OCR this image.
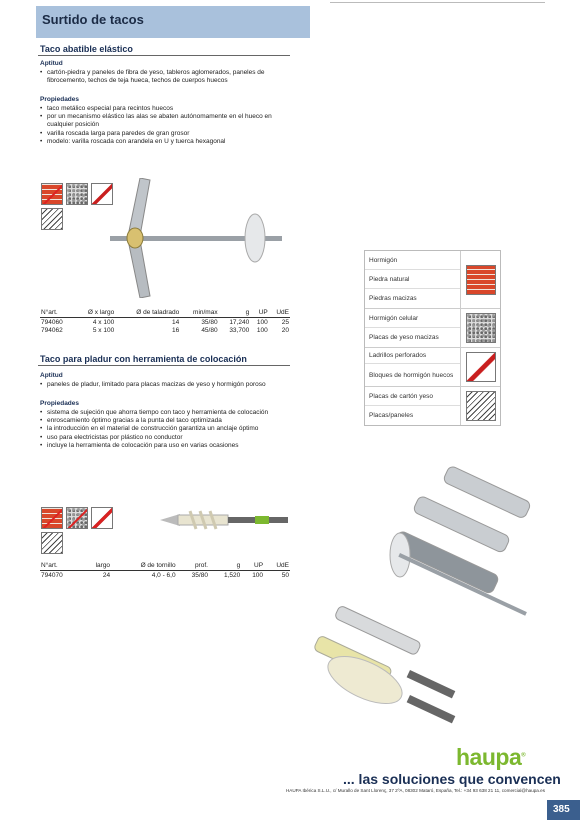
Surtido de tacos
Taco abatible elástico
Aptitud
• cartón-piedra y paneles de fibra de yeso, tableros aglomerados, paneles de fibrocemento, techos de teja hueca, techos de cuerpos huecos
Propiedades
• taco metálico especial para recintos huecos
• por un mecanismo elástico las alas se abaten autónomamente en el hueco en cualquier posición
• varilla roscada larga para paredes de gran grosor
• modelo: varilla roscada con arandela en U y tuerca hexagonal
N°art.	Ø x largo	Ø de taladrado	min/max	g	UP	UdE
794060	4 x 100	14	35/80	17,240	100	25
794062	5 x 100	16	45/80	33,700	100	20
Taco para pladur con herramienta de colocación
Aptitud
• paneles de pladur, limitado para placas macizas de yeso y hormigón poroso
Propiedades
• sistema de sujeción que ahorra tiempo con taco y herramienta de colocación
• enroscamiento óptimo gracias a la punta del taco optimizada
• la introducción en el material de construcción garantiza un anclaje óptimo
• uso para electricistas por plástico no conductor
• incluye la herramienta de colocación para uso en varias ocasiones
N°art.	largo	Ø de tornillo	prof.	g	UP	UdE
794070	24	4,0 - 6,0	35/80	1,520	100	50
Hormigón
Piedra natural
Piedras macizas
Hormigón celular
Placas de yeso macizas
Ladrillos perforados
Bloques de hormigón huecos
Placas de cartón yeso
Placas/paneles
haupa®
... las soluciones que convencen
HAUPA Ibérica S.L.U., c/ Murallo de Sant Llorenç, 37 2ºA, 08302 Mataró, España, Tel.: +34 93 638 21 11, comercial@haupa.es
385
